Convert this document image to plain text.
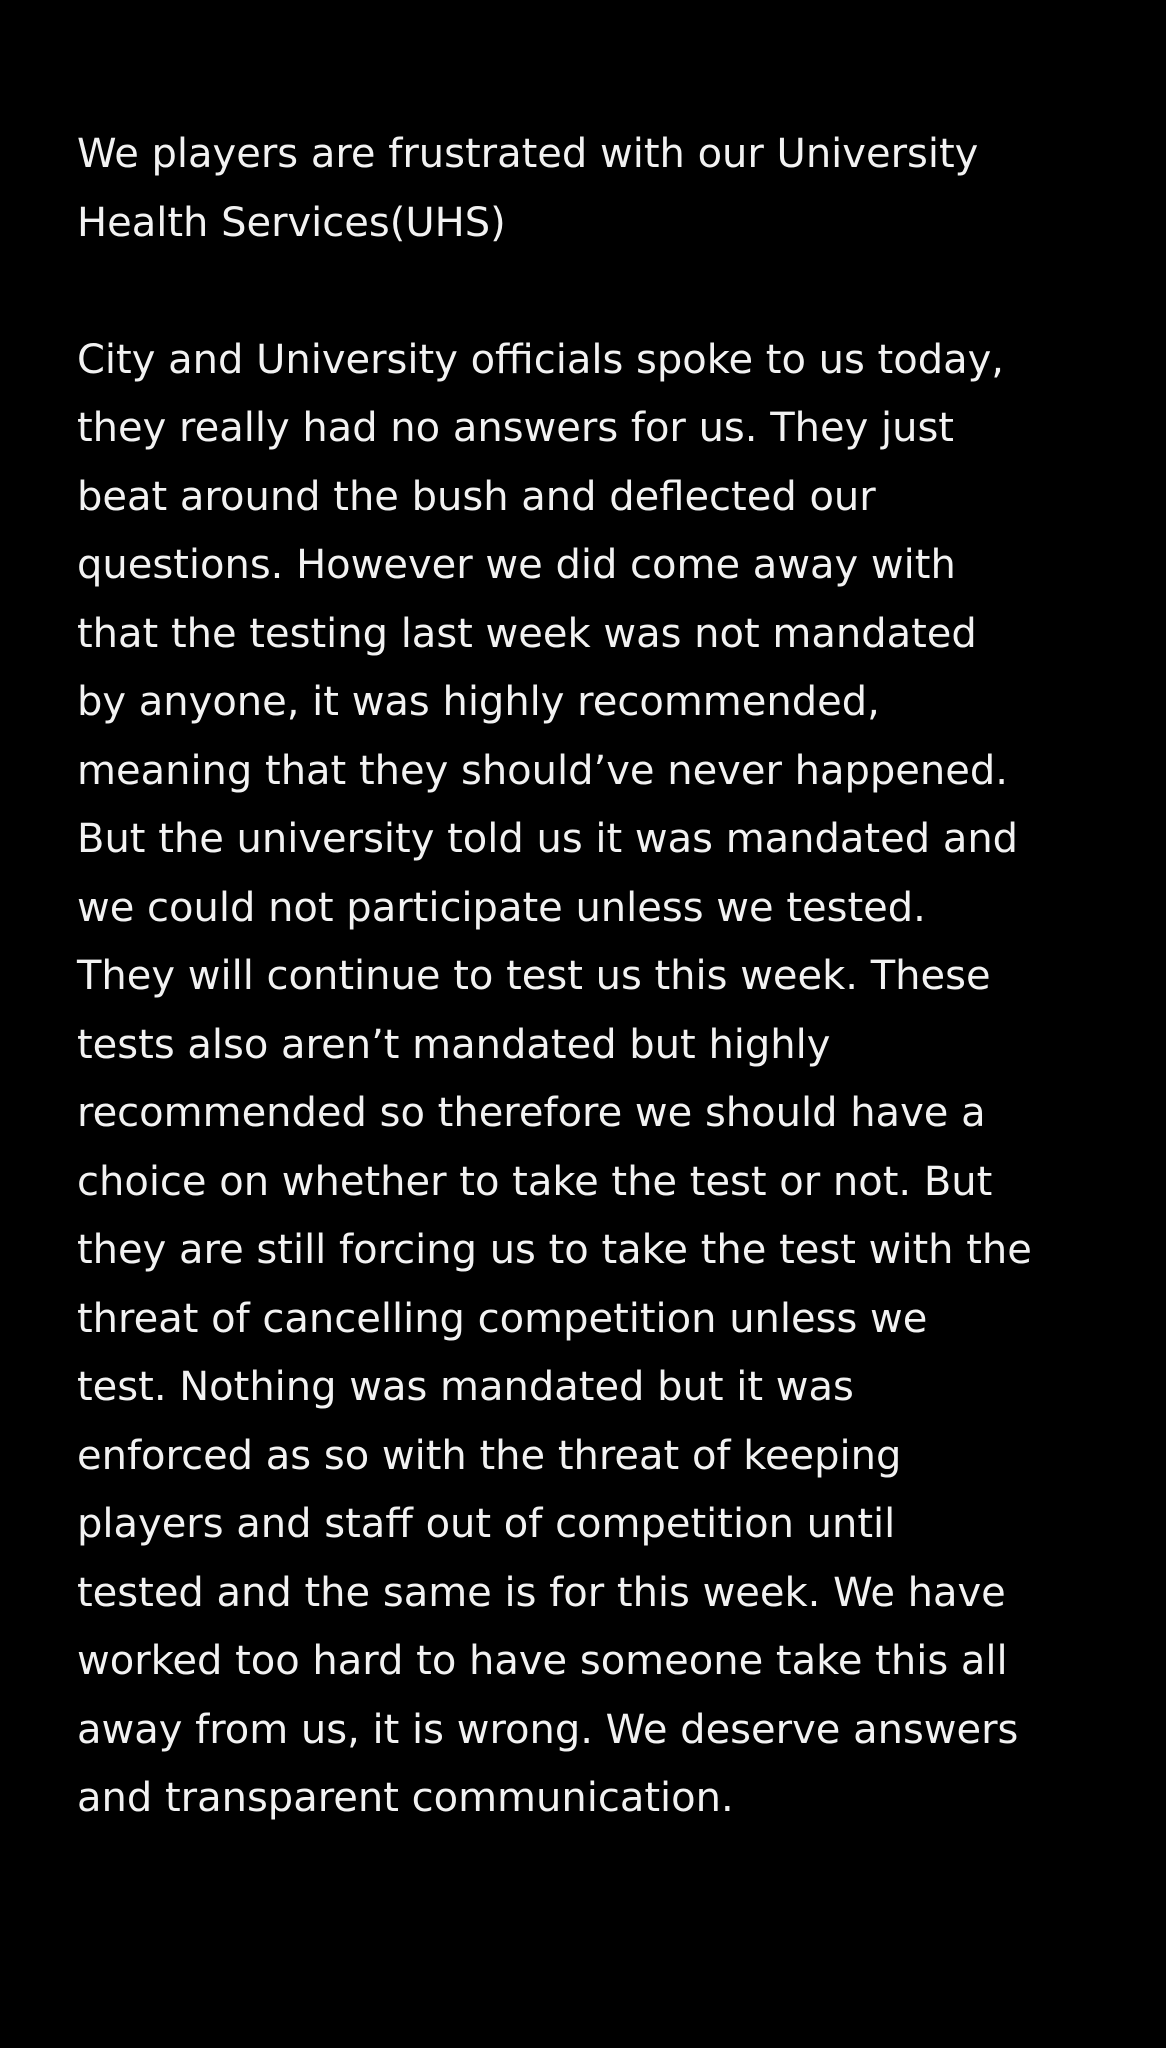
We players are frustrated with our University
Health Services(UHS)
City and University officials spoke to us today,
they really had no answers for us. They just
beat around the bush and deflected our
questions. However we did come away with
that the testing last week was not mandated
by anyone, it was highly recommended,
meaning that they should’ve never happened.
But the university told us it was mandated and
we could not participate unless we tested.
They will continue to test us this week. These
tests also aren’t mandated but highly
recommended so therefore we should have a
choice on whether to take the test or not. But
they are still forcing us to take the test with the
threat of cancelling competition unless we
test. Nothing was mandated but it was
enforced as so with the threat of keeping
players and staff out of competition until
tested and the same is for this week. We have
worked too hard to have someone take this all
away from us, it is wrong. We deserve answers
and transparent communication.
